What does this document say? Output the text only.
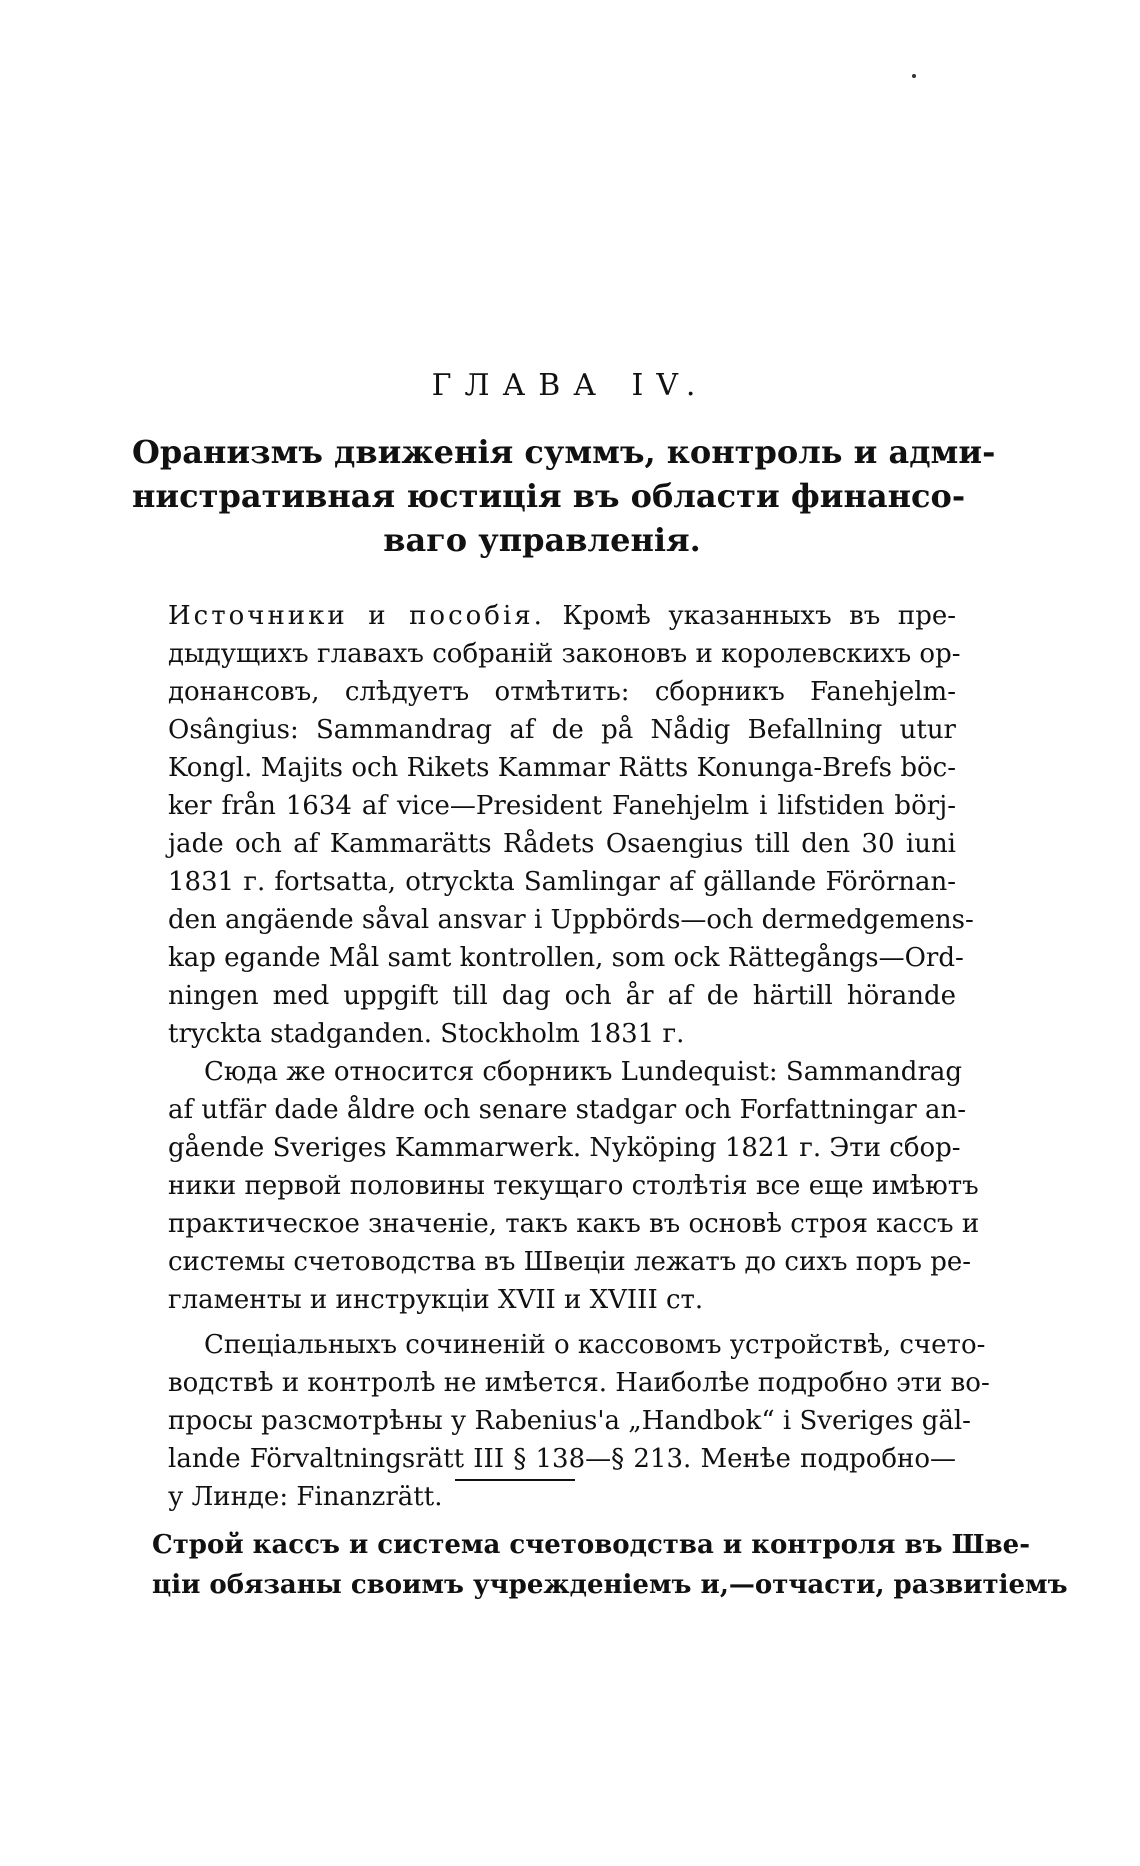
ГЛАВА IV.
Оранизмъ движенія суммъ, контроль и адми-
нистративная юстиція въ области финансо-
ваго управленія.
Источники и пособія. Кромѣ указанныхъ въ пре-
дыдущихъ главахъ собраній законовъ и королевскихъ ор-
донансовъ, слѣдуетъ отмѣтить: сборникъ Fanehjelm-
Osângius: Sammandrag af de på Nådig Befallning utur
Kongl. Majits och Rikets Kammar Rätts Konunga-Brefs böc-
ker från 1634 af vice—President Fanehjelm i lifstiden börj-
jade och af Kammarätts Rådets Osaengius till den 30 iuni
1831 г. fortsatta, otryckta Samlingar af gällande Förörnan-
den angäende såval ansvar i Uppbörds—och dermedgemens-
kap egande Mål samt kontrollen, som ock Rättegångs—Ord-
ningen med uppgift till dag och år af de härtill hörande
tryckta stadganden. Stockholm 1831 г.
Сюда же относится сборникъ Lundequist: Sammandrag
af utfär dade åldre och senare stadgar och Forfattningar an-
gående Sveriges Kammarwerk. Nyköping 1821 г. Эти сбор-
ники первой половины текущаго столѣтія все еще имѣютъ
практическое значеніе, такъ какъ въ основѣ строя кассъ и
системы счетоводства въ Швеціи лежатъ до сихъ поръ ре-
гламенты и инструкціи XVII и XVIII ст.
Спеціальныхъ сочиненій о кассовомъ устройствѣ, счето-
водствѣ и контролѣ не имѣется. Наиболѣе подробно эти во-
просы разсмотрѣны у Rabenius'a „Handbok“ i Sveriges gäl-
lande Förvaltningsrätt III § 138—§ 213. Менѣе подробно—
у Линде: Finanzrätt.
Строй кассъ и система счетоводства и контроля въ Шве-
ціи обязаны своимъ учрежденіемъ и,—отчасти, развитіемъ
